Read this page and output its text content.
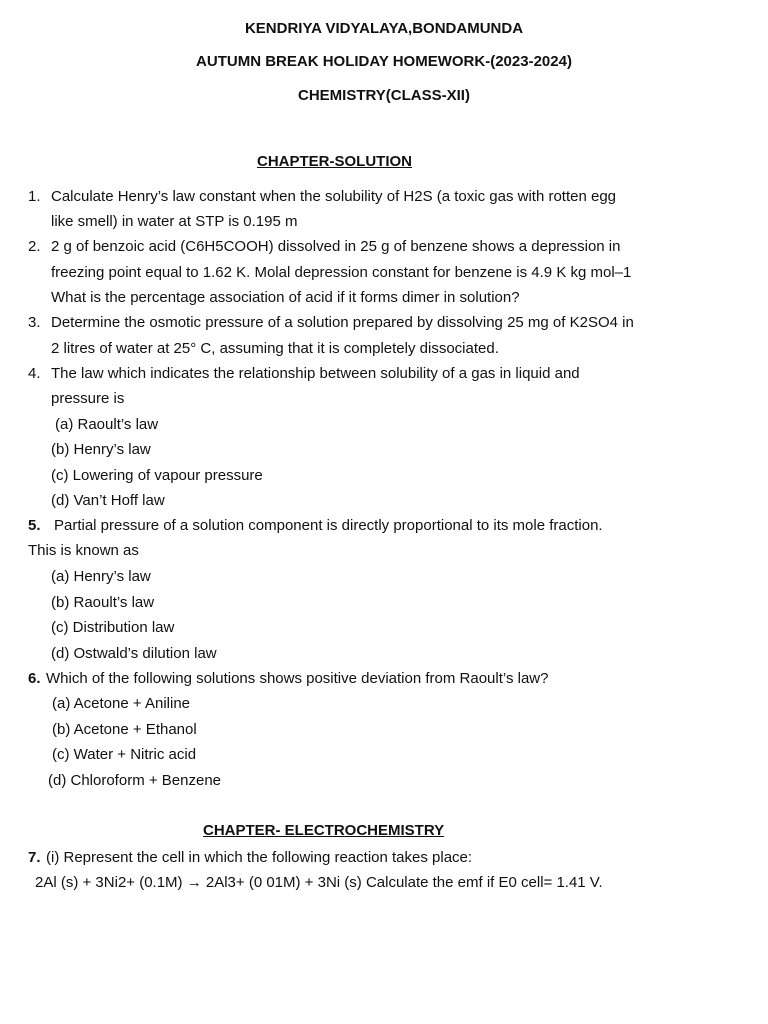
KENDRIYA VIDYALAYA,BONDAMUNDA
AUTUMN BREAK HOLIDAY HOMEWORK-(2023-2024)
CHEMISTRY(CLASS-XII)
CHAPTER-SOLUTION
1. Calculate Henry’s law constant when the solubility of H2S (a toxic gas with rotten egg
like smell) in water at STP is 0.195 m
2. 2 g of benzoic acid (C6H5COOH) dissolved in 25 g of benzene shows a depression in
freezing point equal to 1.62 K. Molal depression constant for benzene is 4.9 K kg mol–1
What is the percentage association of acid if it forms dimer in solution?
3. Determine the osmotic pressure of a solution prepared by dissolving 25 mg of K2SO4 in
2 litres of water at 25° C, assuming that it is completely dissociated.
4. The law which indicates the relationship between solubility of a gas in liquid and
pressure is
(a) Raoult’s law
(b) Henry’s law
(c) Lowering of vapour pressure
(d) Van’t Hoff law
5. Partial pressure of a solution component is directly proportional to its mole fraction.
This is known as
(a) Henry’s law
(b) Raoult’s law
(c) Distribution law
(d) Ostwald’s dilution law
6. Which of the following solutions shows positive deviation from Raoult’s law?
(a) Acetone + Aniline
(b) Acetone + Ethanol
(c) Water + Nitric acid
(d) Chloroform + Benzene
CHAPTER- ELECTROCHEMISTRY
7. (i) Represent the cell in which the following reaction takes place:
2Al (s) + 3Ni2+ (0.1M) → 2Al3+ (0 01M) + 3Ni (s) Calculate the emf if E0 cell= 1.41 V.
